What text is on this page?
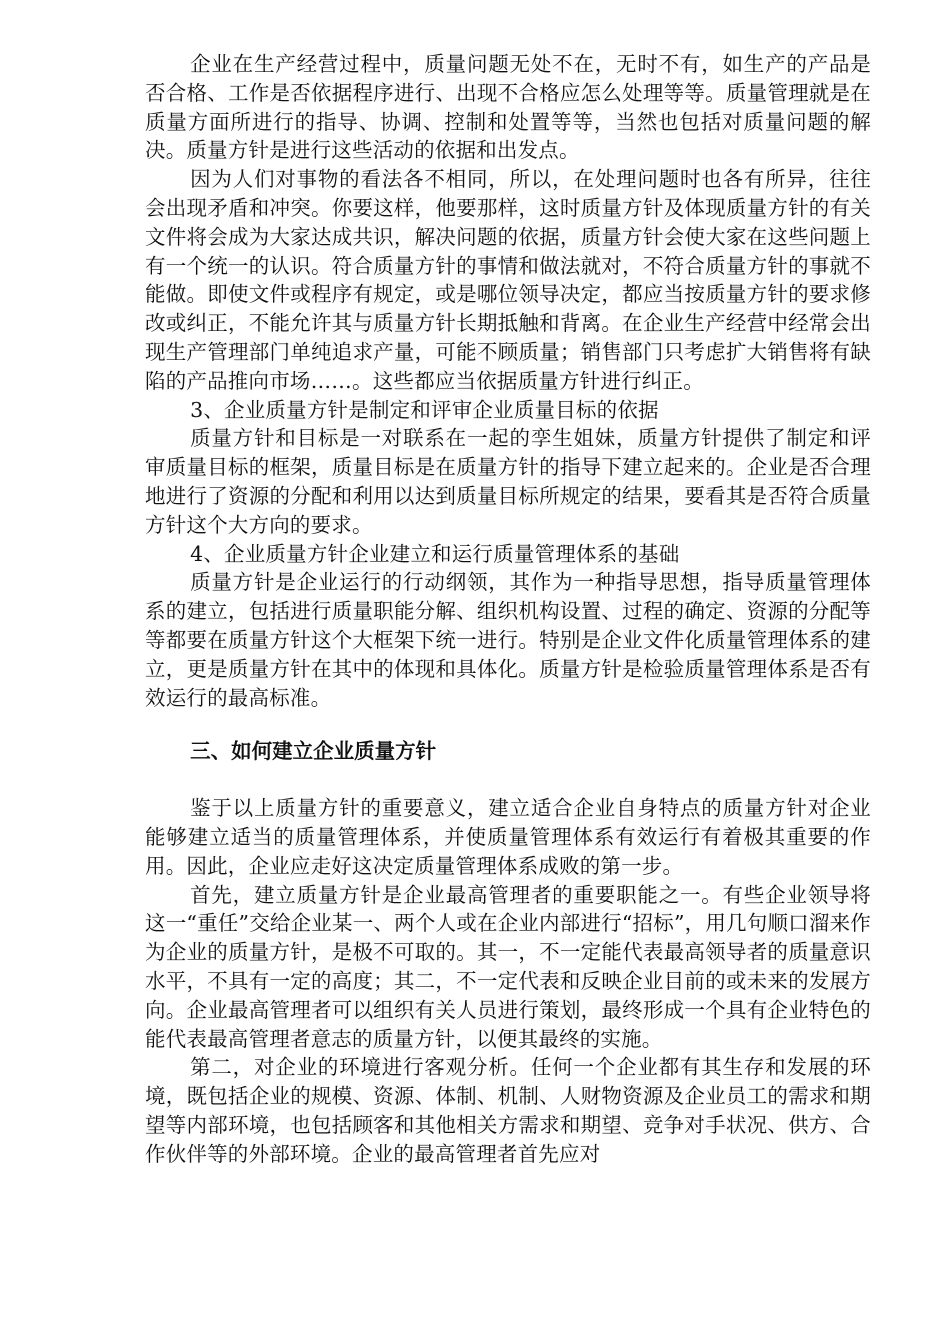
企业在生产经营过程中，质量问题无处不在，无时不有，如生产的产品是否合格、工作是否依据程序进行、出现不合格应怎么处理等等。质量管理就是在质量方面所进行的指导、协调、控制和处置等等，当然也包括对质量问题的解决。质量方针是进行这些活动的依据和出发点。

因为人们对事物的看法各不相同，所以，在处理问题时也各有所异，往往会出现矛盾和冲突。你要这样，他要那样，这时质量方针及体现质量方针的有关文件将会成为大家达成共识，解决问题的依据，质量方针会使大家在这些问题上有一个统一的认识。符合质量方针的事情和做法就对，不符合质量方针的事就不能做。即使文件或程序有规定，或是哪位领导决定，都应当按质量方针的要求修改或纠正，不能允许其与质量方针长期抵触和背离。在企业生产经营中经常会出现生产管理部门单纯追求产量，可能不顾质量；销售部门只考虑扩大销售将有缺陷的产品推向市场……。这些都应当依据质量方针进行纠正。

3、企业质量方针是制定和评审企业质量目标的依据

质量方针和目标是一对联系在一起的孪生姐妹，质量方针提供了制定和评审质量目标的框架，质量目标是在质量方针的指导下建立起来的。企业是否合理地进行了资源的分配和利用以达到质量目标所规定的结果，要看其是否符合质量方针这个大方向的要求。

4、企业质量方针企业建立和运行质量管理体系的基础

质量方针是企业运行的行动纲领，其作为一种指导思想，指导质量管理体系的建立，包括进行质量职能分解、组织机构设置、过程的确定、资源的分配等等都要在质量方针这个大框架下统一进行。特别是企业文件化质量管理体系的建立，更是质量方针在其中的体现和具体化。质量方针是检验质量管理体系是否有效运行的最高标准。

三、如何建立企业质量方针

鉴于以上质量方针的重要意义，建立适合企业自身特点的质量方针对企业能够建立适当的质量管理体系，并使质量管理体系有效运行有着极其重要的作用。因此，企业应走好这决定质量管理体系成败的第一步。

首先，建立质量方针是企业最高管理者的重要职能之一。有些企业领导将这一“重任”交给企业某一、两个人或在企业内部进行“招标”，用几句顺口溜来作为企业的质量方针，是极不可取的。其一，不一定能代表最高领导者的质量意识水平，不具有一定的高度；其二，不一定代表和反映企业目前的或未来的发展方向。企业最高管理者可以组织有关人员进行策划，最终形成一个具有企业特色的能代表最高管理者意志的质量方针，以便其最终的实施。

第二，对企业的环境进行客观分析。任何一个企业都有其生存和发展的环境，既包括企业的规模、资源、体制、机制、人财物资源及企业员工的需求和期望等内部环境，也包括顾客和其他相关方需求和期望、竞争对手状况、供方、合作伙伴等的外部环境。企业的最高管理者首先应对
